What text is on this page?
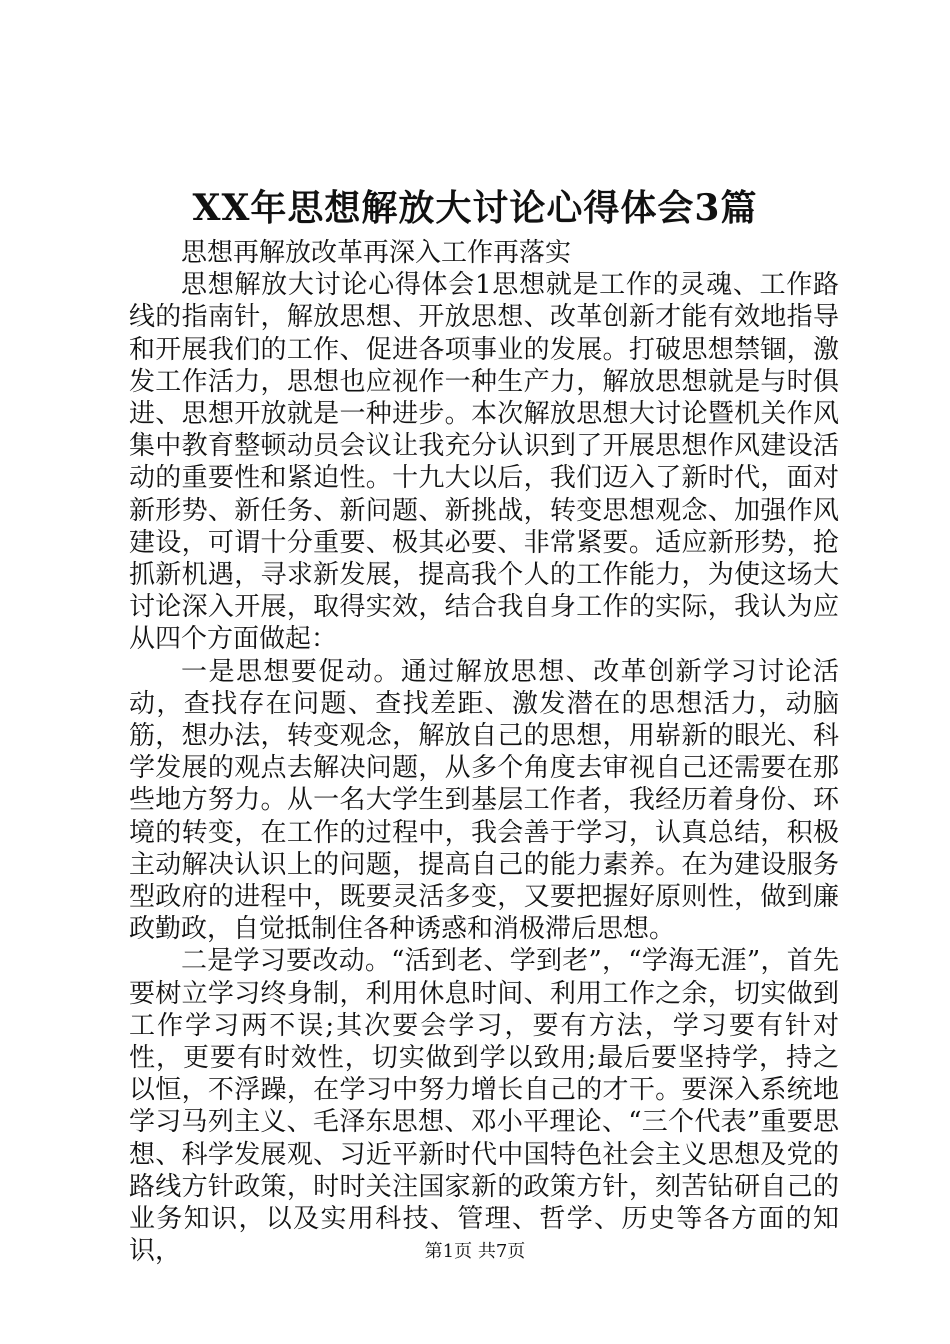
XX年思想解放大讨论心得体会3篇

思想再解放改革再深入工作再落实

思想解放大讨论心得体会1思想就是工作的灵魂、工作路线的指南针，解放思想、开放思想、改革创新才能有效地指导和开展我们的工作、促进各项事业的发展。打破思想禁锢，激发工作活力，思想也应视作一种生产力，解放思想就是与时俱进、思想开放就是一种进步。本次解放思想大讨论暨机关作风集中教育整顿动员会议让我充分认识到了开展思想作风建设活动的重要性和紧迫性。十九大以后，我们迈入了新时代，面对新形势、新任务、新问题、新挑战，转变思想观念、加强作风建设，可谓十分重要、极其必要、非常紧要。适应新形势，抢抓新机遇，寻求新发展，提高我个人的工作能力，为使这场大讨论深入开展，取得实效，结合我自身工作的实际，我认为应从四个方面做起：

一是思想要促动。通过解放思想、改革创新学习讨论活动，查找存在问题、查找差距、激发潜在的思想活力，动脑筋，想办法，转变观念，解放自己的思想，用崭新的眼光、科学发展的观点去解决问题，从多个角度去审视自己还需要在那些地方努力。从一名大学生到基层工作者，我经历着身份、环境的转变，在工作的过程中，我会善于学习，认真总结，积极主动解决认识上的问题，提高自己的能力素养。在为建设服务型政府的进程中，既要灵活多变，又要把握好原则性，做到廉政勤政，自觉抵制住各种诱惑和消极滞后思想。

二是学习要改动。“活到老、学到老”，“学海无涯”，首先要树立学习终身制，利用休息时间、利用工作之余，切实做到工作学习两不误;其次要会学习，要有方法，学习要有针对性，更要有时效性，切实做到学以致用;最后要坚持学，持之以恒，不浮躁，在学习中努力增长自己的才干。要深入系统地学习马列主义、毛泽东思想、邓小平理论、“三个代表”重要思想、科学发展观、习近平新时代中国特色社会主义思想及党的路线方针政策，时时关注国家新的政策方针，刻苦钻研自己的业务知识，以及实用科技、管理、哲学、历史等各方面的知识，	第1页 共7页
